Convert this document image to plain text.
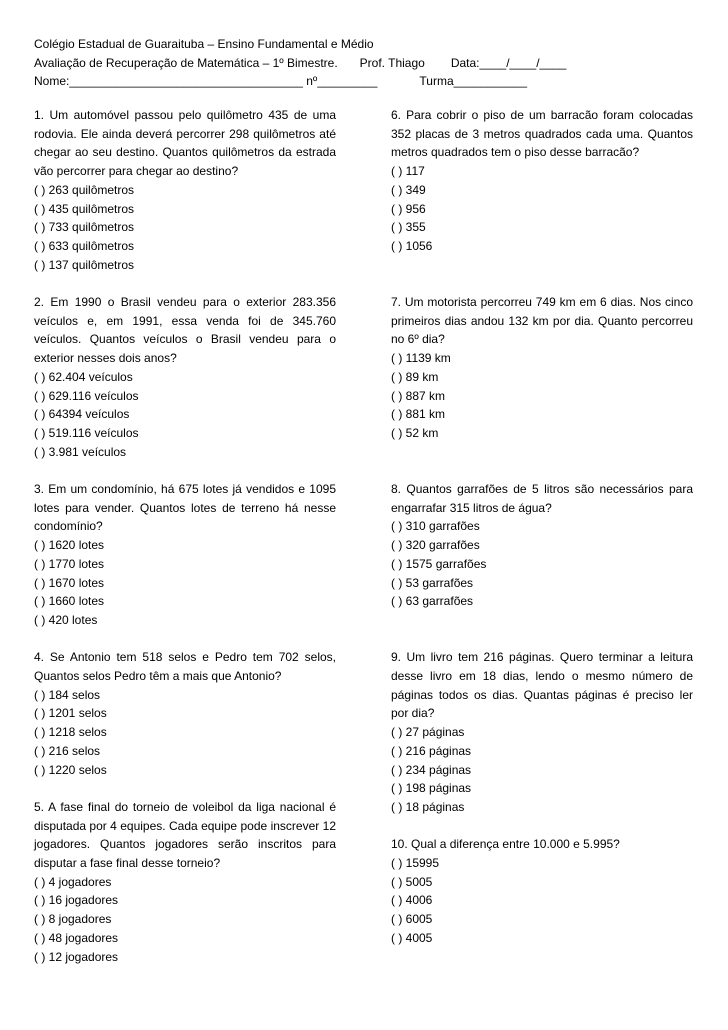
Colégio Estadual de Guaraituba – Ensino Fundamental e Médio
Avaliação de Recuperação de Matemática – 1º Bimestre. Prof. Thiago Data:____/____/____
Nome:___________________________________ nº_________	Turma___________
1. Um automóvel passou pelo quilômetro 435 de uma rodovia. Ele ainda deverá percorrer 298 quilômetros até chegar ao seu destino. Quantos quilômetros da estrada vão percorrer para chegar ao destino?
( ) 263 quilômetros
( ) 435 quilômetros
( ) 733 quilômetros
( ) 633 quilômetros
( ) 137 quilômetros
2. Em 1990 o Brasil vendeu para o exterior 283.356 veículos e, em 1991, essa venda foi de 345.760 veículos. Quantos veículos o Brasil vendeu para o exterior nesses dois anos?
( ) 62.404 veículos
( ) 629.116 veículos
( ) 64394 veículos
( ) 519.116 veículos
( ) 3.981 veículos
3. Em um condomínio, há 675 lotes já vendidos e 1095 lotes para vender. Quantos lotes de terreno há nesse condomínio?
( ) 1620 lotes
( ) 1770 lotes
( ) 1670 lotes
( ) 1660 lotes
( ) 420 lotes
4. Se Antonio tem 518 selos e Pedro tem 702 selos, Quantos selos Pedro têm a mais que Antonio?
( ) 184 selos
( ) 1201 selos
( ) 1218 selos
( ) 216 selos
( ) 1220 selos
5. A fase final do torneio de voleibol da liga nacional é disputada por 4 equipes. Cada equipe pode inscrever 12 jogadores. Quantos jogadores serão inscritos para disputar a fase final desse torneio?
( ) 4 jogadores
( ) 16 jogadores
( ) 8 jogadores
( ) 48 jogadores
( ) 12 jogadores
6. Para cobrir o piso de um barracão foram colocadas 352 placas de 3 metros quadrados cada uma. Quantos metros quadrados tem o piso desse barracão?
( ) 117
( ) 349
( ) 956
( ) 355
( ) 1056
7. Um motorista percorreu 749 km em 6 dias. Nos cinco primeiros dias andou 132 km por dia. Quanto percorreu no 6º dia?
( ) 1139 km
( ) 89 km
( ) 887 km
( ) 881 km
( ) 52 km
8. Quantos garrafões de 5 litros são necessários para engarrafar 315 litros de água?
( ) 310 garrafões
( ) 320 garrafões
( ) 1575 garrafões
( ) 53 garrafões
( ) 63 garrafões
9. Um livro tem 216 páginas. Quero terminar a leitura desse livro em 18 dias, lendo o mesmo número de páginas todos os dias. Quantas páginas é preciso ler por dia?
( ) 27 páginas
( ) 216 páginas
( ) 234 páginas
( ) 198 páginas
( ) 18 páginas
10. Qual a diferença entre 10.000 e 5.995?
( ) 15995
( ) 5005
( ) 4006
( ) 6005
( ) 4005
